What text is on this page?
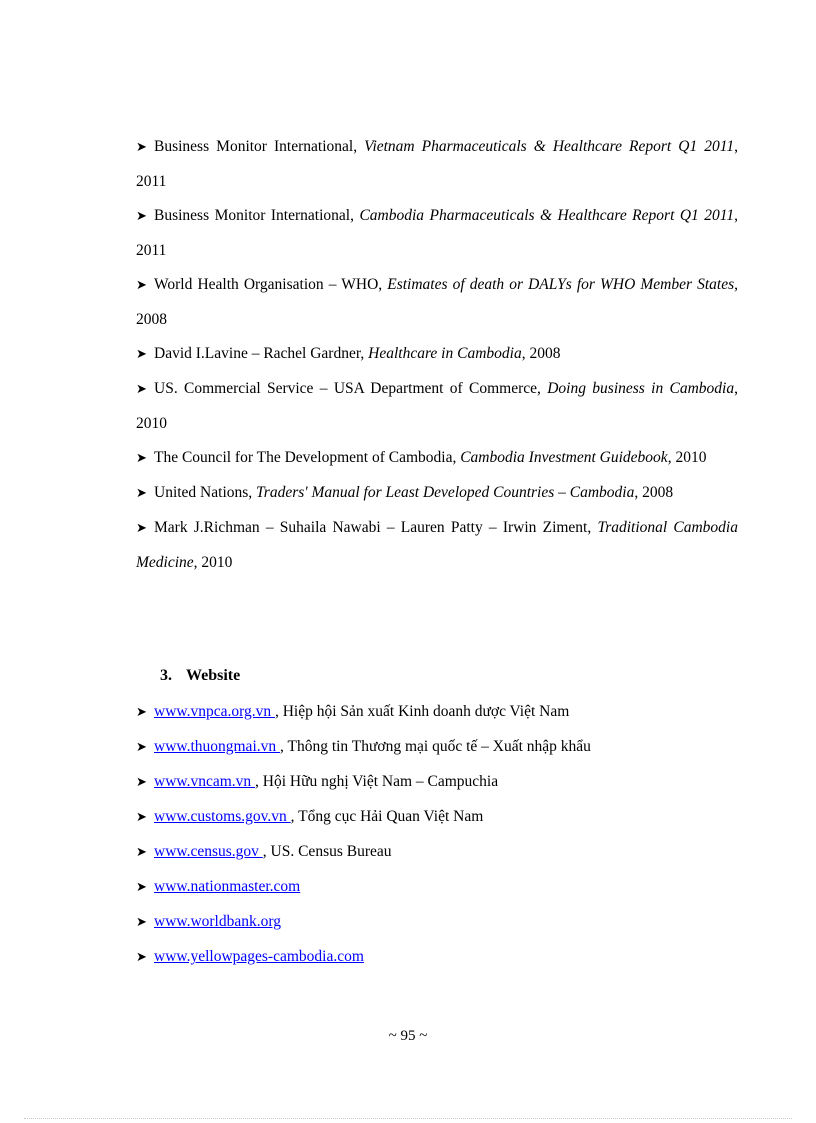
➤ Business Monitor International, Vietnam Pharmaceuticals & Healthcare Report Q1 2011, 2011

➤ Business Monitor International, Cambodia Pharmaceuticals & Healthcare Report Q1 2011, 2011

➤ World Health Organisation – WHO, Estimates of death or DALYs for WHO Member States, 2008

➤ David I.Lavine – Rachel Gardner, Healthcare in Cambodia, 2008

➤ US. Commercial Service – USA Department of Commerce, Doing business in Cambodia, 2010

➤ The Council for The Development of Cambodia, Cambodia Investment Guidebook, 2010

➤ United Nations, Traders' Manual for Least Developed Countries – Cambodia, 2008

➤ Mark J.Richman – Suhaila Nawabi – Lauren Patty – Irwin Ziment, Traditional Cambodia Medicine, 2010

3. Website

➤ www.vnpca.org.vn , Hiệp hội Sản xuất Kinh doanh dược Việt Nam

➤ www.thuongmai.vn , Thông tin Thương mại quốc tế – Xuất nhập khẩu

➤ www.vncam.vn , Hội Hữu nghị Việt Nam – Campuchia

➤ www.customs.gov.vn , Tổng cục Hải Quan Việt Nam

➤ www.census.gov , US. Census Bureau

➤ www.nationmaster.com

➤ www.worldbank.org

➤ www.yellowpages-cambodia.com

~ 95 ~
